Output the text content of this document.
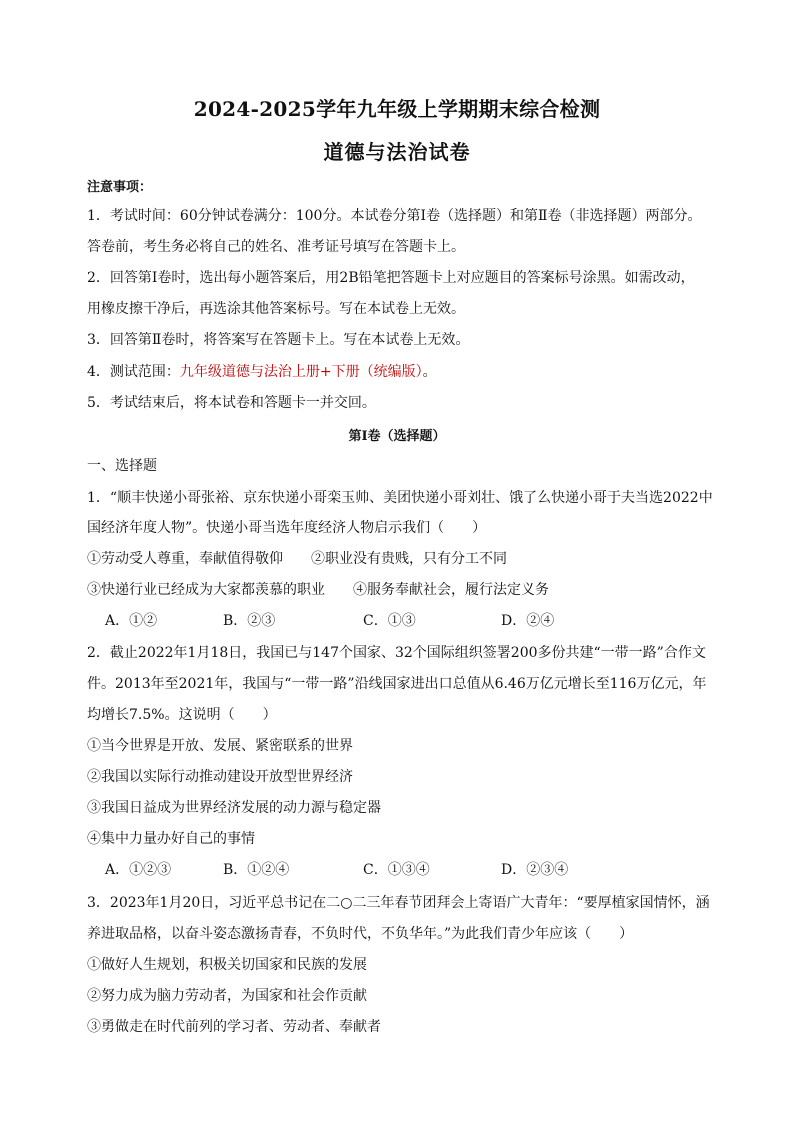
2024-2025学年九年级上学期期末综合检测
道德与法治试卷
注意事项：
1．考试时间：60分钟试卷满分：100分。本试卷分第Ⅰ卷（选择题）和第Ⅱ卷（非选择题）两部分。
答卷前，考生务必将自己的姓名、准考证号填写在答题卡上。
2．回答第Ⅰ卷时，选出每小题答案后，用2B铅笔把答题卡上对应题目的答案标号涂黑。如需改动，
用橡皮擦干净后，再选涂其他答案标号。写在本试卷上无效。
3．回答第Ⅱ卷时，将答案写在答题卡上。写在本试卷上无效。
4．测试范围：九年级道德与法治上册+下册（统编版）。
5．考试结束后，将本试卷和答题卡一并交回。
第Ⅰ卷（选择题）
一、选择题
1．“顺丰快递小哥张裕、京东快递小哥栾玉帅、美团快递小哥刘壮、饿了么快递小哥于夫当选2022中
国经济年度人物”。快递小哥当选年度经济人物启示我们（　　）
①劳动受人尊重，奉献值得敬仰　　②职业没有贵贱，只有分工不同
③快递行业已经成为大家都羡慕的职业　　④服务奉献社会，履行法定义务
A．①②	B．②③	C．①③	D．②④
2．截止2022年1月18日，我国已与147个国家、32个国际组织签署200多份共建“一带一路”合作文
件。2013年至2021年，我国与“一带一路”沿线国家进出口总值从6.46万亿元增长至116万亿元，年
均增长7.5%。这说明（　　）
①当今世界是开放、发展、紧密联系的世界
②我国以实际行动推动建设开放型世界经济
③我国日益成为世界经济发展的动力源与稳定器
④集中力量办好自己的事情
A．①②③	B．①②④	C．①③④	D．②③④
3．2023年1月20日，习近平总书记在二○二三年春节团拜会上寄语广大青年：“要厚植家国情怀，涵
养进取品格，以奋斗姿态激扬青春，不负时代，不负华年。”为此我们青少年应该（　　）
①做好人生规划，积极关切国家和民族的发展
②努力成为脑力劳动者，为国家和社会作贡献
③勇做走在时代前列的学习者、劳动者、奉献者
